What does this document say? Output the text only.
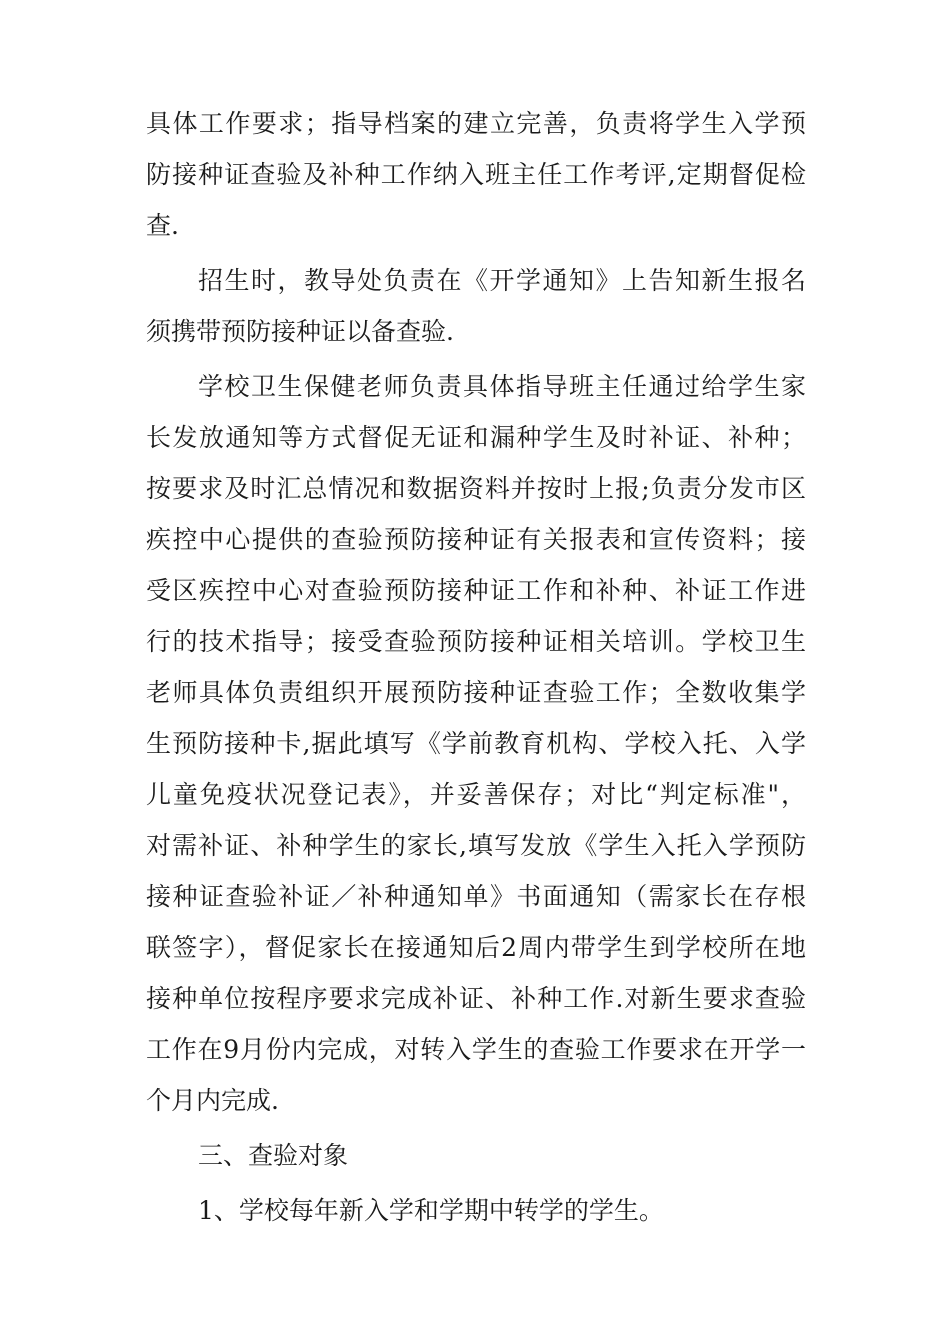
具体工作要求；指导档案的建立完善，负责将学生入学预
防接种证查验及补种工作纳入班主任工作考评,定期督促检
查.
招生时，教导处负责在《开学通知》上告知新生报名
须携带预防接种证以备查验.
学校卫生保健老师负责具体指导班主任通过给学生家
长发放通知等方式督促无证和漏种学生及时补证、补种；
按要求及时汇总情况和数据资料并按时上报;负责分发市区
疾控中心提供的查验预防接种证有关报表和宣传资料；接
受区疾控中心对查验预防接种证工作和补种、补证工作进
行的技术指导；接受查验预防接种证相关培训。学校卫生
老师具体负责组织开展预防接种证查验工作；全数收集学
生预防接种卡,据此填写《学前教育机构、学校入托、入学
儿童免疫状况登记表》，并妥善保存；对比“判定标准"，
对需补证、补种学生的家长,填写发放《学生入托入学预防
接种证查验补证／补种通知单》书面通知（需家长在存根
联签字），督促家长在接通知后2周内带学生到学校所在地
接种单位按程序要求完成补证、补种工作.对新生要求查验
工作在9月份内完成，对转入学生的查验工作要求在开学一
个月内完成.
三、查验对象
1、学校每年新入学和学期中转学的学生。
